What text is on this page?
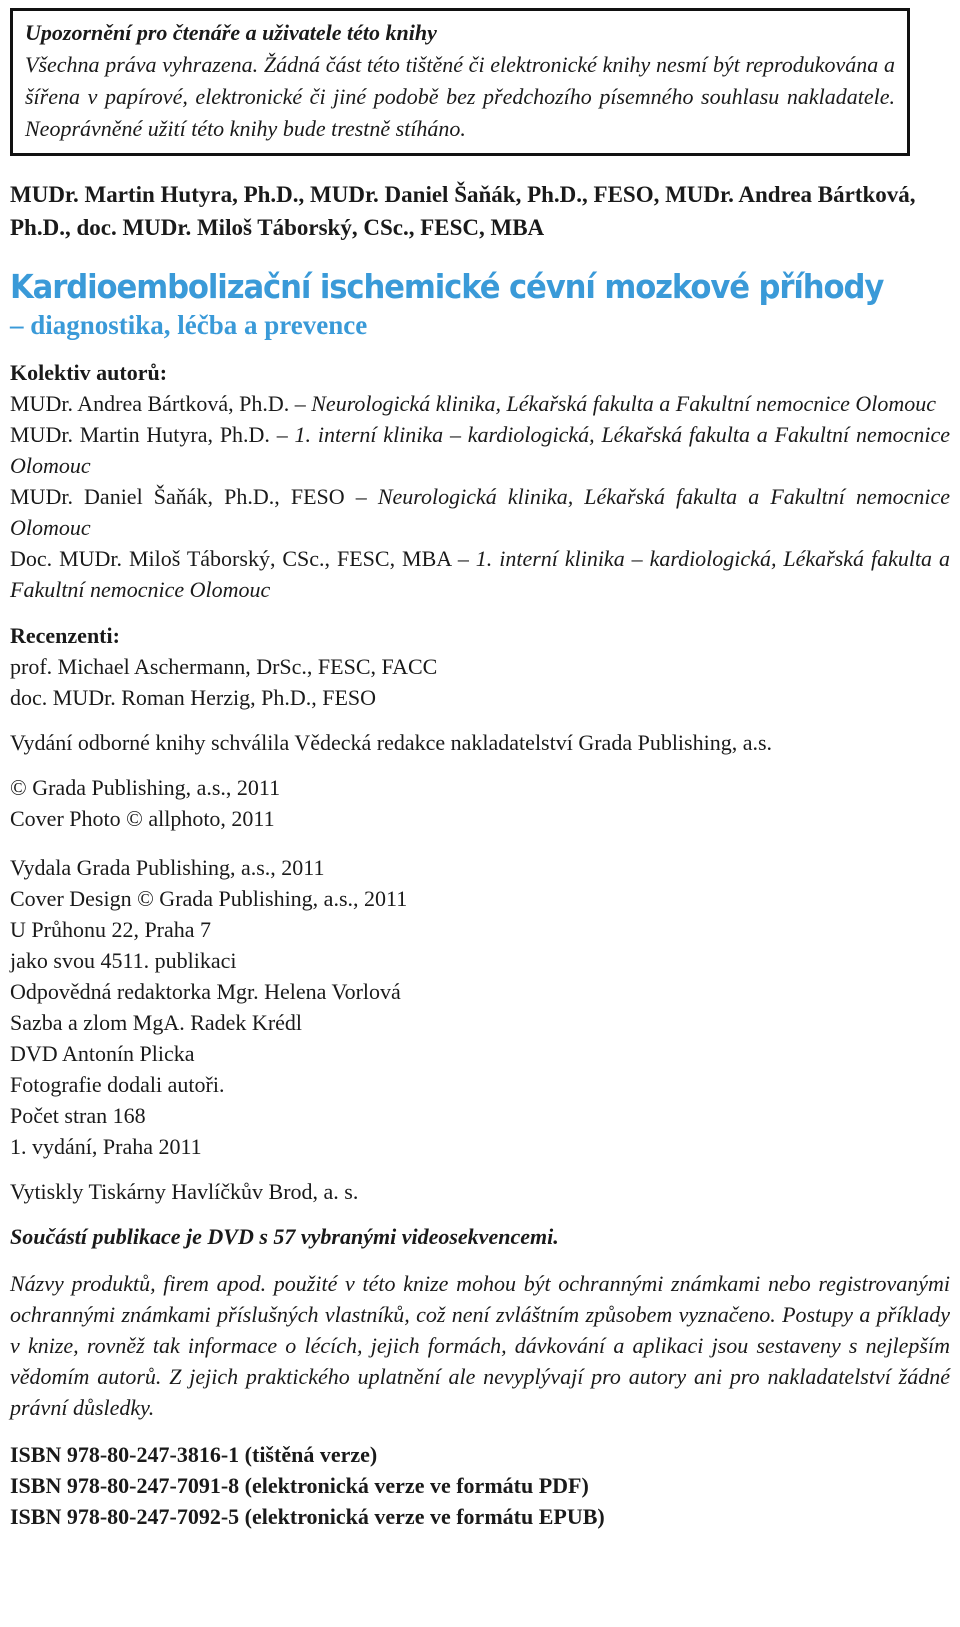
Upozornění pro čtenáře a uživatele této knihy
Všechna práva vyhrazena. Žádná část této tištěné či elektronické knihy nesmí být reprodukována a šířena v papírové, elektronické či jiné podobě bez předchozího písemného souhlasu nakladatele. Neoprávněné užití této knihy bude trestně stíháno.
MUDr. Martin Hutyra, Ph.D., MUDr. Daniel Šaňák, Ph.D., FESO, MUDr. Andrea Bártková, Ph.D., doc. MUDr. Miloš Táborský, CSc., FESC, MBA
Kardioembolizační ischemické cévní mozkové příhody
– diagnostika, léčba a prevence
Kolektiv autorů:
MUDr. Andrea Bártková, Ph.D. – Neurologická klinika, Lékařská fakulta a Fakultní nemocnice Olomouc
MUDr. Martin Hutyra, Ph.D. – 1. interní klinika – kardiologická, Lékařská fakulta a Fakultní nemocnice Olomouc
MUDr. Daniel Šaňák, Ph.D., FESO – Neurologická klinika, Lékařská fakulta a Fakultní nemocnice Olomouc
Doc. MUDr. Miloš Táborský, CSc., FESC, MBA – 1. interní klinika – kardiologická, Lékařská fakulta a Fakultní nemocnice Olomouc
Recenzenti:
prof. Michael Aschermann, DrSc., FESC, FACC
doc. MUDr. Roman Herzig, Ph.D., FESO
Vydání odborné knihy schválila Vědecká redakce nakladatelství Grada Publishing, a.s.
© Grada Publishing, a.s., 2011
Cover Photo © allphoto, 2011
Vydala Grada Publishing, a.s., 2011
Cover Design © Grada Publishing, a.s., 2011
U Průhonu 22, Praha 7
jako svou 4511. publikaci
Odpovědná redaktorka Mgr. Helena Vorlová
Sazba a zlom MgA. Radek Krédl
DVD Antonín Plicka
Fotografie dodali autoři.
Počet stran 168
1. vydání, Praha 2011
Vytiskly Tiskárny Havlíčkův Brod, a. s.
Součástí publikace je DVD s 57 vybranými videosekvencemi.
Názvy produktů, firem apod. použité v této knize mohou být ochrannými známkami nebo registrovanými ochrannými známkami příslušných vlastníků, což není zvláštním způsobem vyznačeno. Postupy a příklady v knize, rovněž tak informace o lécích, jejich formách, dávkování a aplikaci jsou sestaveny s nejlepším vědomím autorů. Z jejich praktického uplatnění ale nevyplývají pro autory ani pro nakladatelství žádné právní důsledky.
ISBN 978-80-247-3816-1 (tištěná verze)
ISBN 978-80-247-7091-8 (elektronická verze ve formátu PDF)
ISBN 978-80-247-7092-5 (elektronická verze ve formátu EPUB)
